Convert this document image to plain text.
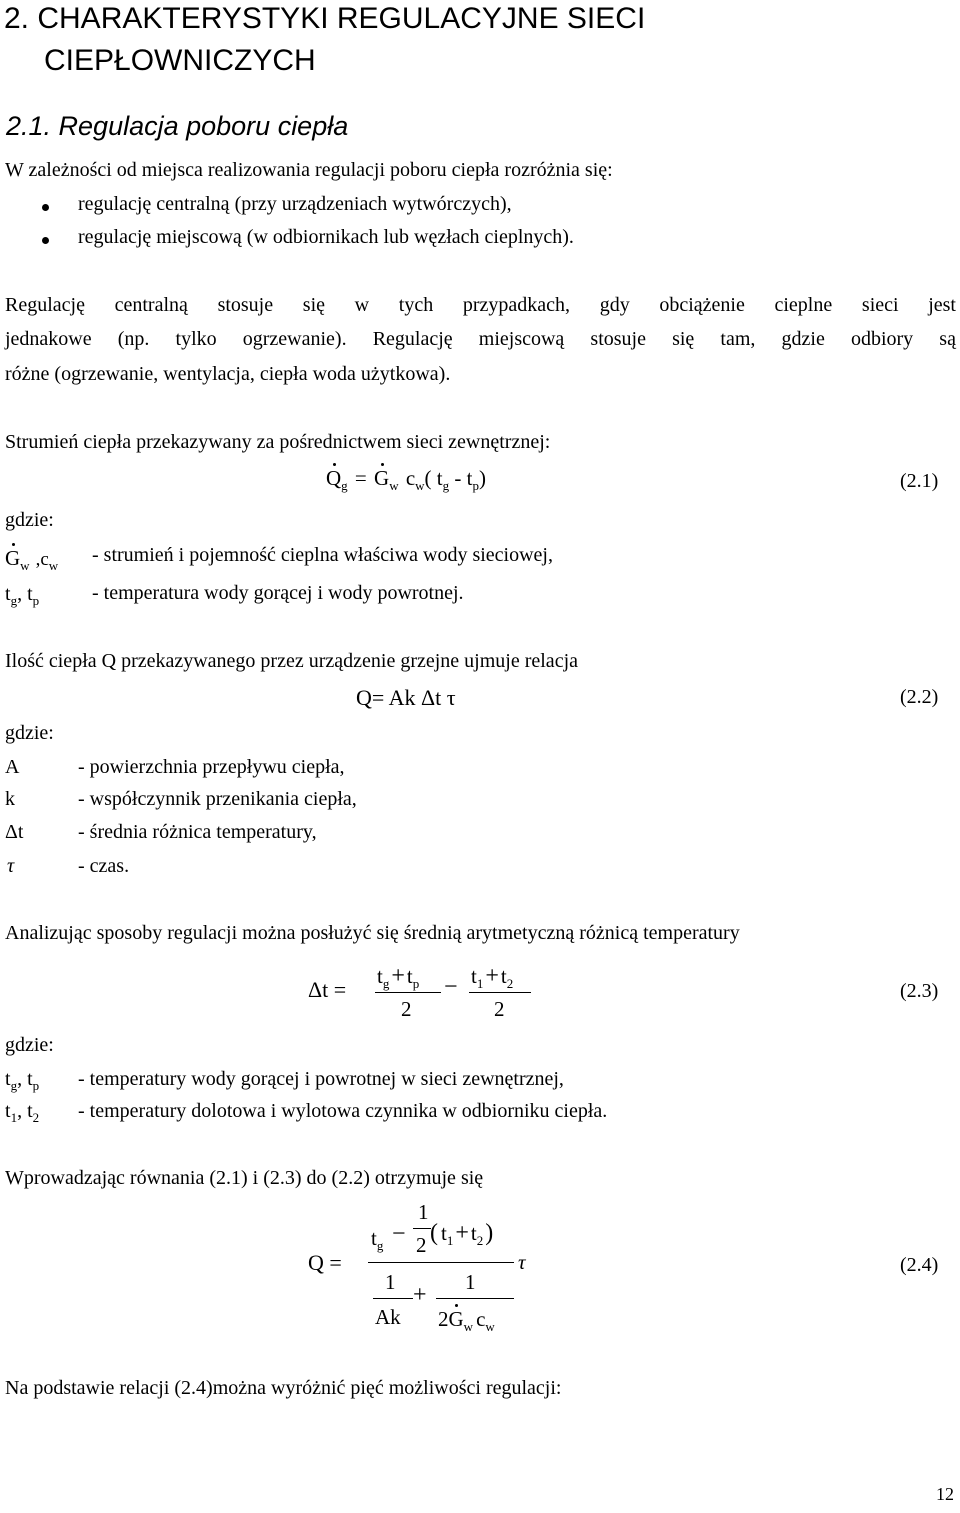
2. CHARAKTERYSTYKI REGULACYJNE SIECI
CIEPŁOWNICZYCH
2.1. Regulacja poboru ciepła
W zależności od miejsca realizowania regulacji poboru ciepła rozróżnia się:
regulację centralną (przy urządzeniach wytwórczych),
regulację miejscową (w odbiornikach lub węzłach cieplnych).
Regulację centralną stosuje się w tych przypadkach, gdy obciążenie cieplne sieci jest
jednakowe (np. tylko ogrzewanie). Regulację miejscową stosuje się tam, gdzie odbiory są
różne (ogrzewanie, wentylacja, ciepła woda użytkowa).
Strumień ciepła przekazywany za pośrednictwem sieci zewnętrznej:
$Q_g = G_w$ $c_w$( $t_g - t_p$)	(2.1)
gdzie:
$G_w$ $,c_w$ - strumień i pojemność cieplna właściwa wody sieciowej,
$t_g$, $t_p$	- temperatura wody gorącej i wody powrotnej.
Ilość ciepła Q przekazywanego przez urządzenie grzejne ujmuje relacja
Q= Ak Δt τ	(2.2)
gdzie:
A	- powierzchnia przepływu ciepła,
k	- współczynnik przenikania ciepła,
Δt	- średnia różnica temperatury,
τ	- czas.
Analizując sposoby regulacji można posłużyć się średnią arytmetyczną różnicą temperatury
Δt =
$t_g+t_p$
2
− $t_1+t_2$
2
(2.3)
gdzie:
$t_g$, $t_p$ - temperatury wody gorącej i powrotnej w sieci zewnętrznej,
$t_1$, $t_2$ - temperatury dolotowa i wylotowa czynnika w odbiorniku ciepła.
Wprowadzając równania (2.1) i (2.3) do (2.2) otrzymuje się
Q =
$t_g$ −
1
2 ( $t_1+t_2$)
1
Ak
+ 1
$2G_w$ $c_w$
τ	(2.4)
Na podstawie relacji (2.4)można wyróżnić pięć możliwości regulacji:
12
